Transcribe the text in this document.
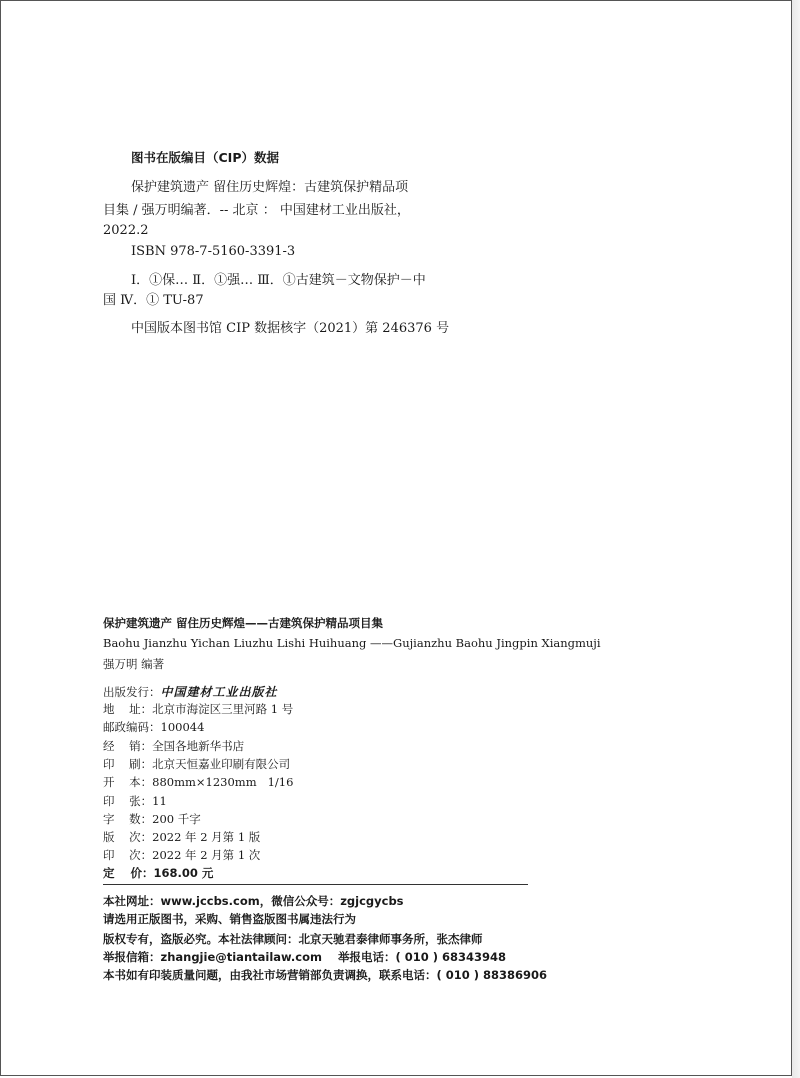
图书在版编目（CIP）数据
保护建筑遗产 留住历史辉煌：古建筑保护精品项
目集 / 强万明编著．-- 北京 ： 中国建材工业出版社，
2022.2
ISBN 978-7-5160-3391-3
Ⅰ．①保… Ⅱ．①强… Ⅲ．①古建筑－文物保护－中
国 Ⅳ．① TU-87
中国版本图书馆 CIP 数据核字（2021）第 246376 号
保护建筑遗产 留住历史辉煌——古建筑保护精品项目集
Baohu Jianzhu Yichan Liuzhu Lishi Huihuang ——Gujianzhu Baohu Jingpin Xiangmuji
强万明 编著
出版发行：中国建材工业出版社
地    址：北京市海淀区三里河路 1 号
邮政编码：100044
经    销：全国各地新华书店
印    刷：北京天恒嘉业印刷有限公司
开    本：880mm×1230mm   1/16
印    张：11
字    数：200 千字
版    次：2022 年 2 月第 1 版
印    次：2022 年 2 月第 1 次
定    价：168.00 元
本社网址：www.jccbs.com，微信公众号：zgjcgycbs
请选用正版图书，采购、销售盗版图书属违法行为
版权专有，盗版必究。本社法律顾问：北京天驰君泰律师事务所，张杰律师
举报信箱：zhangjie@tiantailaw.com    举报电话：( 010 ) 68343948
本书如有印装质量问题，由我社市场营销部负责调换，联系电话：( 010 ) 88386906
